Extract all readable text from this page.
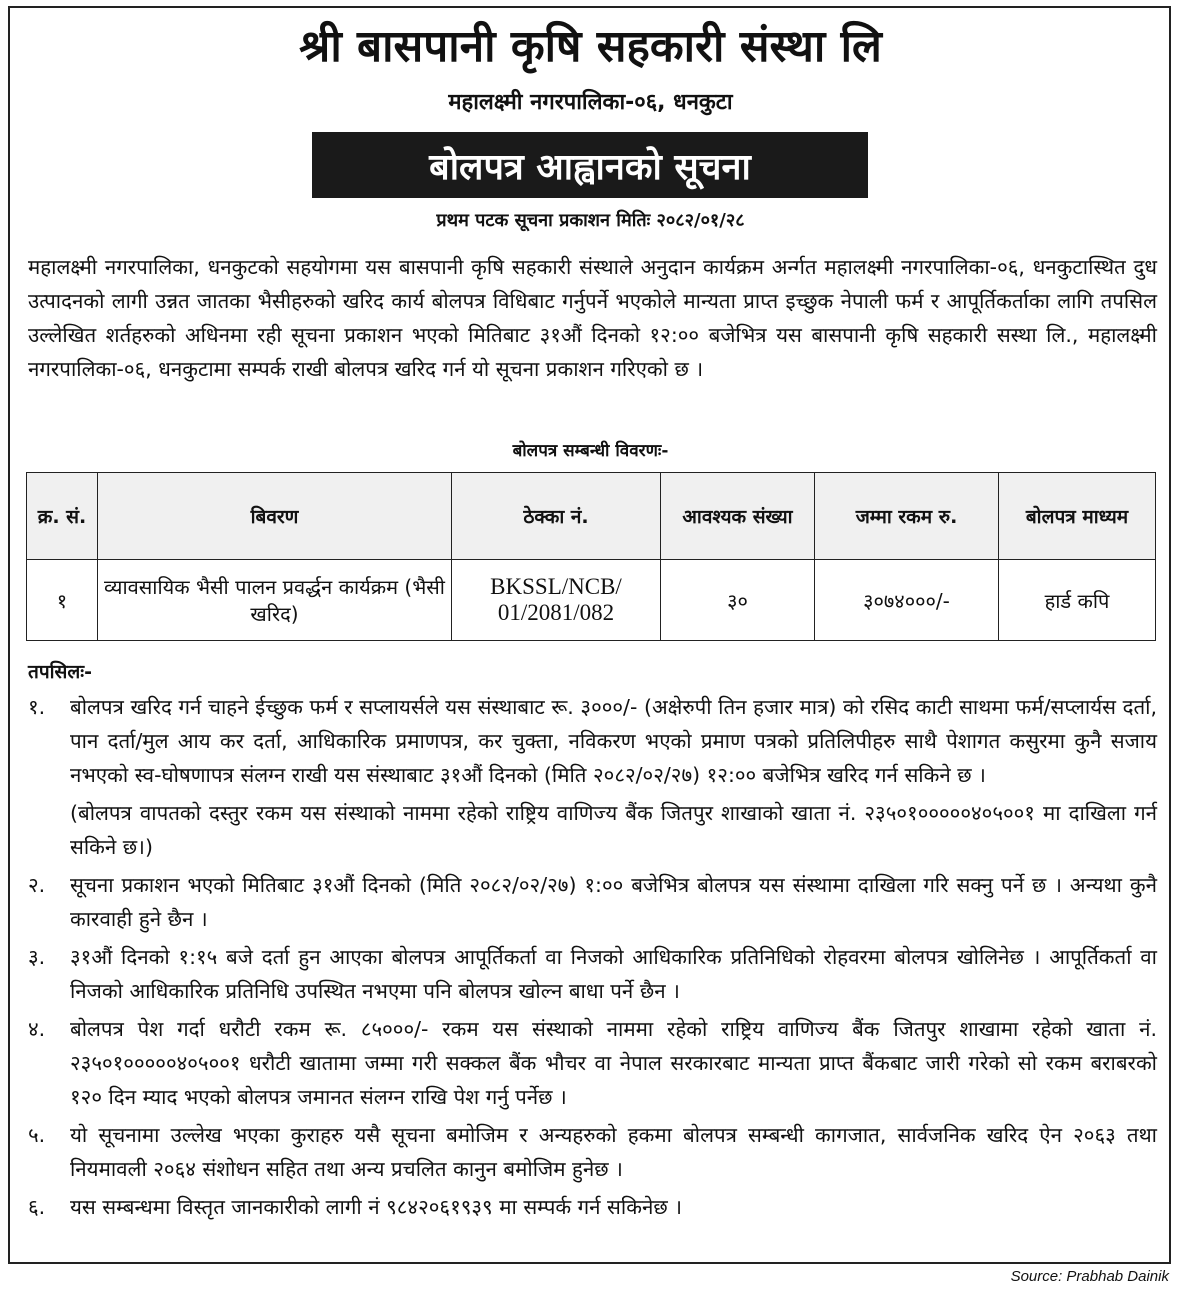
श्री बासपानी कृषि सहकारी संस्था लि
महालक्ष्मी नगरपालिका-०६, धनकुटा
बोलपत्र आह्वानको सूचना
प्रथम पटक सूचना प्रकाशन मितिः २०८२/०१/२८
महालक्ष्मी नगरपालिका, धनकुटको सहयोगमा यस बासपानी कृषि सहकारी संस्थाले अनुदान कार्यक्रम अर्न्गत महालक्ष्मी नगरपालिका-०६, धनकुटास्थित दुध उत्पादनको लागी उन्नत जातका भैसीहरुको खरिद कार्य बोलपत्र विधिबाट गर्नुपर्ने भएकोले मान्यता प्राप्त इच्छुक नेपाली फर्म र आपूर्तिकर्ताका लागि तपसिल उल्लेखित शर्तहरुको अधिनमा रही सूचना प्रकाशन भएको मितिबाट ३१औं दिनको १२:०० बजेभित्र यस बासपानी कृषि सहकारी सस्था लि., महालक्ष्मी नगरपालिका-०६, धनकुटामा सम्पर्क राखी बोलपत्र खरिद गर्न यो सूचना प्रकाशन गरिएको छ ।
बोलपत्र सम्बन्धी विवरणः-
क्र. सं.	बिवरण	ठेक्का नं.	आवश्यक संख्या	जम्मा रकम रु.	बोलपत्र माध्यम
१	व्यावसायिक भैसी पालन प्रवर्द्धन कार्यक्रम (भैसी खरिद)	BKSSL/NCB/ 01/2081/082	३०	३०७४०००/-	हार्ड कपि
तपसिलः-
१.	बोलपत्र खरिद गर्न चाहने ईच्छुक फर्म र सप्लायर्सले यस संस्थाबाट रू. ३०००/- (अक्षेरुपी तिन हजार मात्र) को रसिद काटी साथमा फर्म/सप्लार्यस दर्ता, पान दर्ता/मुल आय कर दर्ता, आधिकारिक प्रमाणपत्र, कर चुक्ता, नविकरण भएको प्रमाण पत्रको प्रतिलिपीहरु साथै पेशागत कसुरमा कुनै सजाय नभएको स्व-घोषणापत्र संलग्न राखी यस संस्थाबाट ३१औं दिनको (मिति २०८२/०२/२७) १२:०० बजेभित्र खरिद गर्न सकिने छ ।
(बोलपत्र वापतको दस्तुर रकम यस संस्थाको नाममा रहेको राष्ट्रिय वाणिज्य बैंक जितपुर शाखाको खाता नं. २३५०१०००००४०५००१ मा दाखिला गर्न सकिने छ।)
२.	सूचना प्रकाशन भएको मितिबाट ३१औं दिनको (मिति २०८२/०२/२७) १:०० बजेभित्र बोलपत्र यस संस्थामा दाखिला गरि सक्नु पर्ने छ । अन्यथा कुनै कारवाही हुने छैन ।
३.	३१औं दिनको १:१५ बजे दर्ता हुन आएका बोलपत्र आपूर्तिकर्ता वा निजको आधिकारिक प्रतिनिधिको रोहवरमा बोलपत्र खोलिनेछ । आपूर्तिकर्ता वा निजको आधिकारिक प्रतिनिधि उपस्थित नभएमा पनि बोलपत्र खोल्न बाधा पर्ने छैन ।
४.	बोलपत्र पेश गर्दा धरौटी रकम रू. ८५०००/- रकम यस संस्थाको नाममा रहेको राष्ट्रिय वाणिज्य बैंक जितपुर शाखामा रहेको खाता नं. २३५०१०००००४०५००१ धरौटी खातामा जम्मा गरी सक्कल बैंक भौचर वा नेपाल सरकारबाट मान्यता प्राप्त बैंकबाट जारी गरेको सो रकम बराबरको १२० दिन म्याद भएको बोलपत्र जमानत संलग्न राखि पेश गर्नु पर्नेछ ।
५.	यो सूचनामा उल्लेख भएका कुराहरु यसै सूचना बमोजिम र अन्यहरुको हकमा बोलपत्र सम्बन्धी कागजात, सार्वजनिक खरिद ऐन २०६३ तथा नियमावली २०६४ संशोधन सहित तथा अन्य प्रचलित कानुन बमोजिम हुनेछ ।
६.	यस सम्बन्धमा विस्तृत जानकारीको लागी नं ९८४२०६१९३९ मा सम्पर्क गर्न सकिनेछ ।
Source: Prabhab Dainik
